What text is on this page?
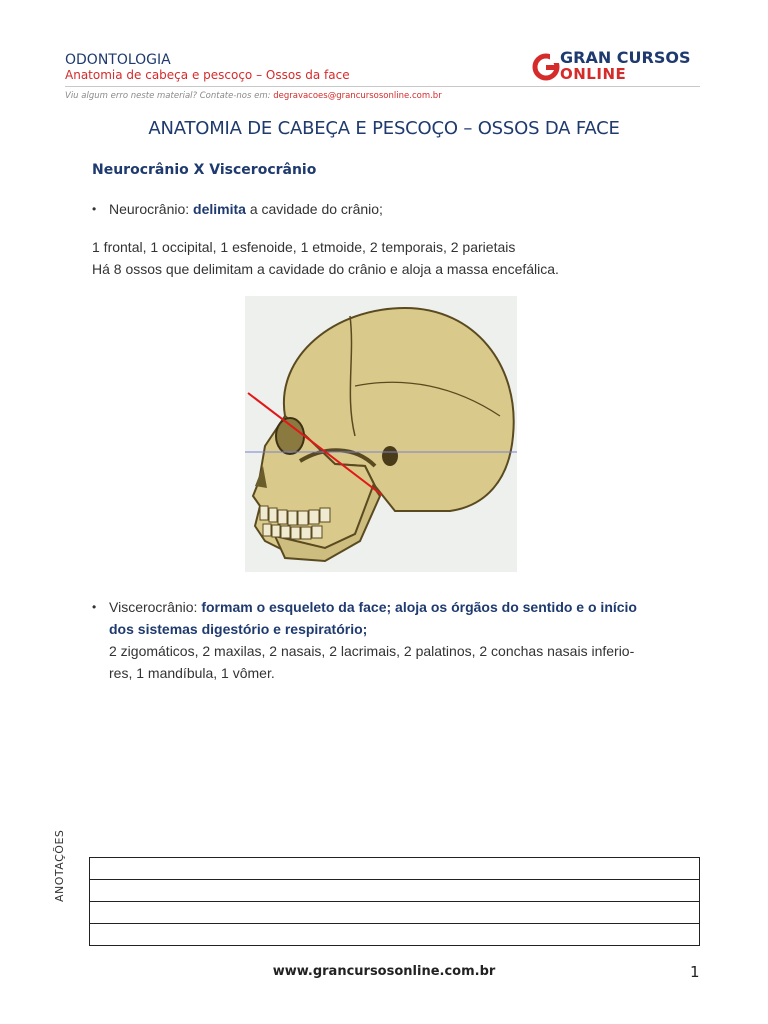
ODONTOLOGIA
Anatomia de cabeça e pescoço – Ossos da face
GRAN CURSOS
ONLINE
Viu algum erro neste material? Contate-nos em: degravacoes@grancursosonline.com.br
ANATOMIA DE CABEÇA E PESCOÇO – OSSOS DA FACE
Neurocrânio X Viscerocrânio
• Neurocrânio: delimita a cavidade do crânio;
1 frontal, 1 occipital, 1 esfenoide, 1 etmoide, 2 temporais, 2 parietais
Há 8 ossos que delimitam a cavidade do crânio e aloja a massa encefálica.
• Viscerocrânio: formam o esqueleto da face; aloja os órgãos do sentido e o início
dos sistemas digestório e respiratório;
2 zigomáticos, 2 maxilas, 2 nasais, 2 lacrimais, 2 palatinos, 2 conchas nasais inferio-
res, 1 mandíbula, 1 vômer.
ANOTAÇÕES
www.grancursosonline.com.br	1
